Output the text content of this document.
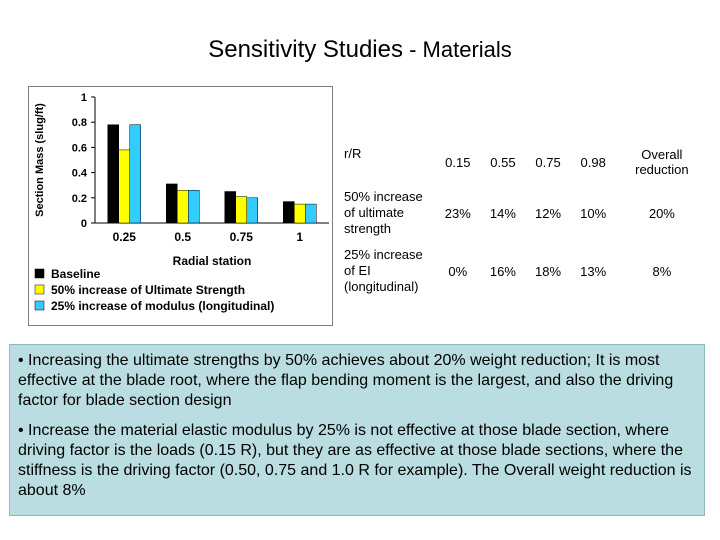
Sensitivity Studies - Materials
0
0.2
0.4
0.6
0.8
1
0.25	0.5	0.75	1
Radial station
Section Mass (slug/ft)
Baseline
50% increase of Ultimate Strength
25% increase of modulus (longitudinal)
r/R	0.15	0.55	0.75	0.98	Overall reduction
50% increase of ultimate strength	23%	14%	12%	10%	20%
25% increase of EI (longitudinal)	0%	16%	18%	13%	8%

• Increasing the ultimate strengths by 50% achieves about 20% weight reduction; It is most effective at the blade root, where the flap bending moment is the largest, and also the driving factor for blade section design

• Increase the material elastic modulus by 25% is not effective at those blade section, where driving factor is the loads (0.15 R), but they are as effective at those blade sections, where the stiffness is the driving factor (0.50, 0.75 and 1.0 R for example). The Overall weight reduction is about 8%
